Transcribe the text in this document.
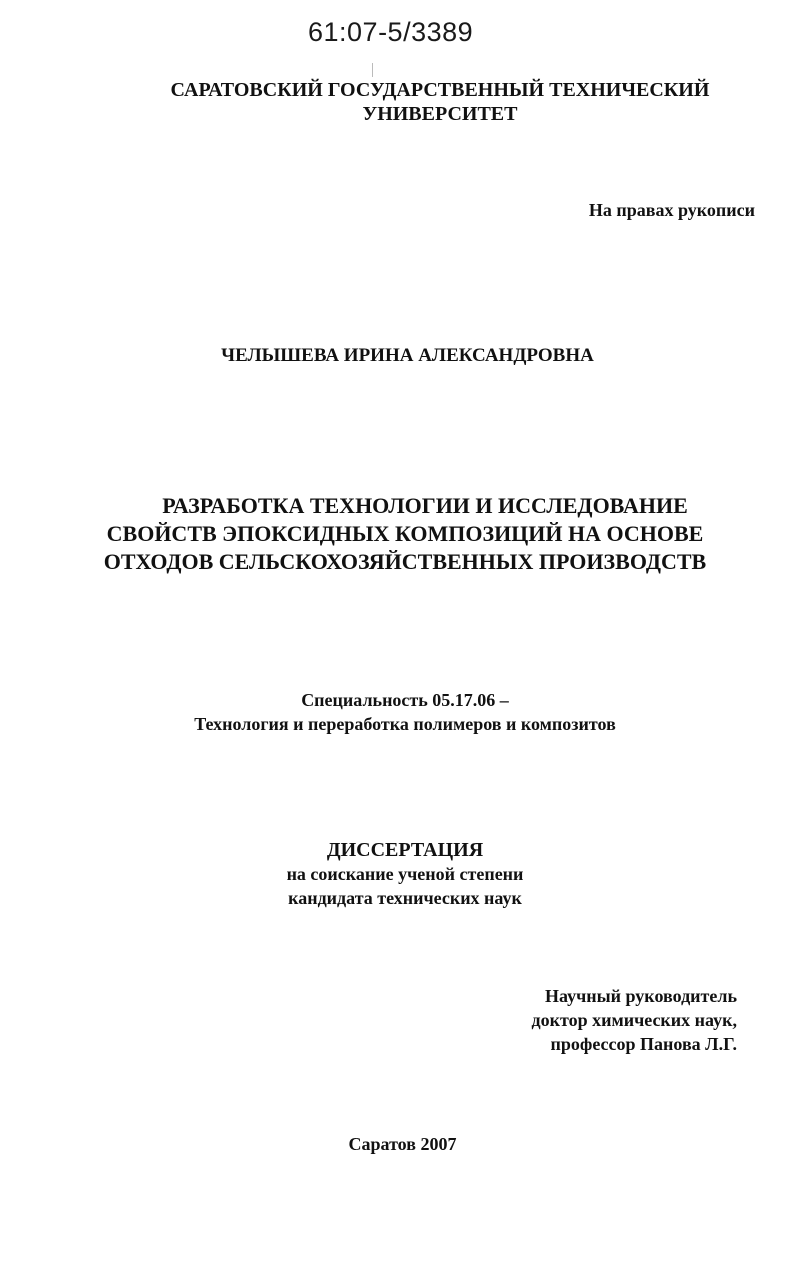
61:07-5/3389
САРАТОВСКИЙ ГОСУДАРСТВЕННЫЙ ТЕХНИЧЕСКИЙ
УНИВЕРСИТЕТ
На правах рукописи
ЧЕЛЫШЕВА ИРИНА АЛЕКСАНДРОВНА
РАЗРАБОТКА ТЕХНОЛОГИИ И ИССЛЕДОВАНИЕ
СВОЙСТВ ЭПОКСИДНЫХ КОМПОЗИЦИЙ НА ОСНОВЕ
ОТХОДОВ СЕЛЬСКОХОЗЯЙСТВЕННЫХ ПРОИЗВОДСТВ
Специальность 05.17.06 –
Технология и переработка полимеров и композитов
ДИССЕРТАЦИЯ
на соискание ученой степени
кандидата технических наук
Научный руководитель
доктор химических наук,
профессор Панова Л.Г.
Саратов 2007
